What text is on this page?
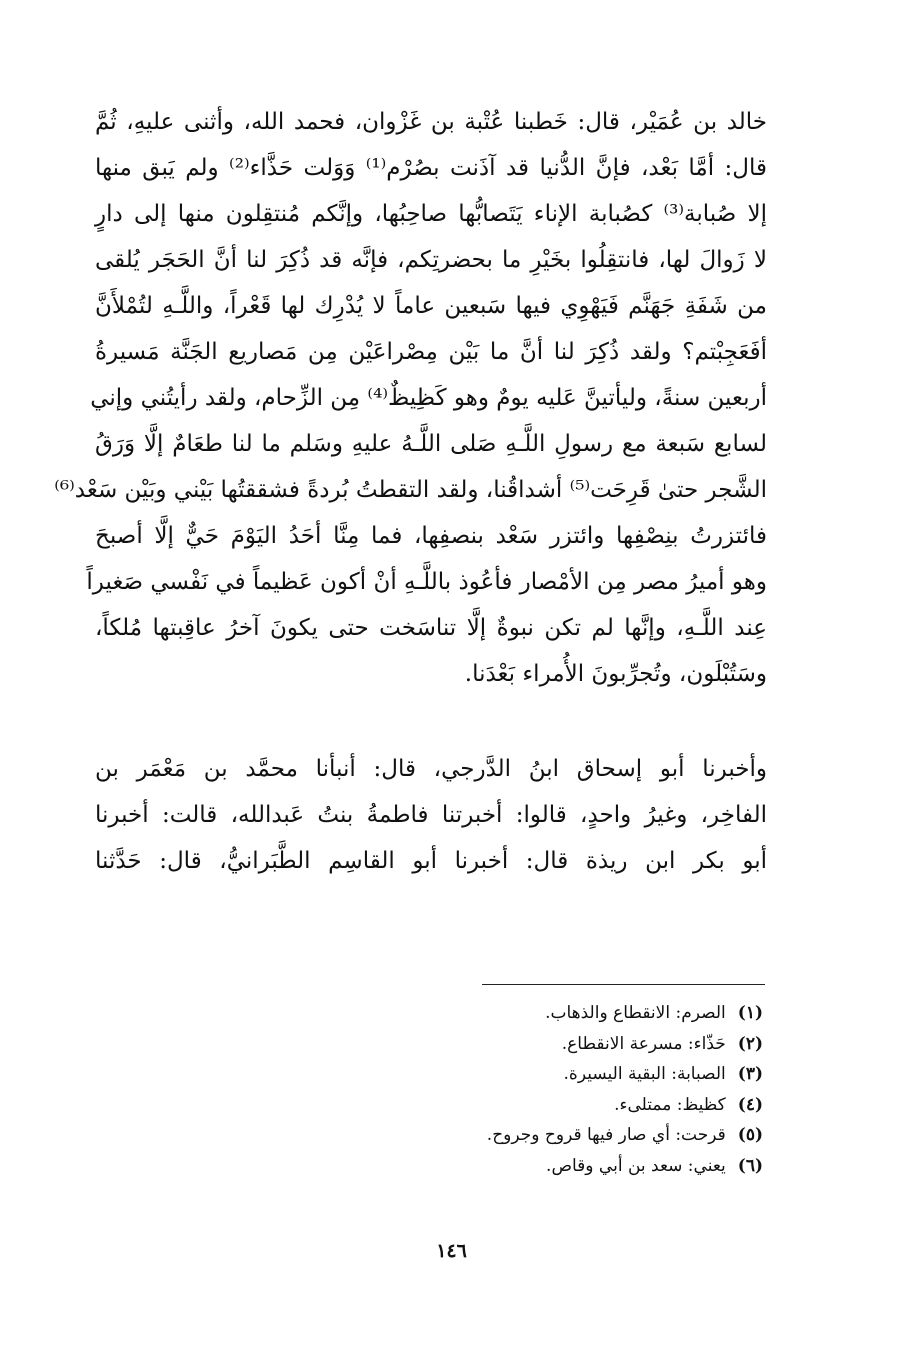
خالد بن عُمَيْر، قال: خَطبنا عُتْبة بن غَزْوان، فحمد الله، وأثنى عليهِ، ثُمَّ
قال: أمَّا بَعْد، فإنَّ الدُّنيا قد آذَنت بصُرْم⁽¹⁾ وَوَلت حَذَّاء⁽²⁾ ولم يَبق منها
إلا صُبابة⁽³⁾ كصُبابة الإناء يَتَصابُّها صاحِبُها، وإنَّكم مُنتقِلون منها إلى دارٍ
لا زَوالَ لها، فانتقِلُوا بخَيْرِ ما بحضرتِكم، فإنَّه قد ذُكِرَ لنا أنَّ الحَجَر يُلقى
من شَفَةِ جَهَنَّم فَيَهْوِي فيها سَبعين عاماً لا يُدْرِك لها قَعْراً، واللَّـهِ لتُمْلأَنَّ
أفَعَجِبْتم؟ ولقد ذُكِرَ لنا أنَّ ما بَيْن مِصْراعَيْن مِن مَصاريع الجَنَّة مَسيرةُ
أربعين سنةً، وليأتينَّ عَليه يومٌ وهو كَظِيظٌ⁽⁴⁾ مِن الزِّحام، ولقد رأيتُني وإني
لسابع سَبعة مع رسولِ اللَّـهِ صَلى اللَّـهُ عليهِ وسَلم ما لنا طعَامٌ إلَّا وَرَقُ
الشَّجر حتىٰ قَرِحَت⁽⁵⁾ أشداقُنا، ولقد التقطتُ بُردةً فشققتُها بَيْني وبَيْن سَعْد⁽⁶⁾
فائتزرتُ بنِصْفِها وائتزر سَعْد بنصفِها، فما مِنَّا أحَدُ اليَوْمَ حَيٌّ إلَّا أصبحَ
وهو أميرُ مصر مِن الأمْصار فأعُوذ باللَّـهِ أنْ أكون عَظيماً في نَفْسي صَغيراً
عِند اللَّـهِ، وإنَّها لم تكن نبوةٌ إلَّا تناسَخت حتى يكونَ آخرُ عاقِبتها مُلكاً،
وسَتُبْلَون، وتُجرِّبونَ الأُمراء بَعْدَنا.
وأخبرنا أبو إسحاق ابنُ الدَّرجي، قال: أنبأنا محمَّد بن مَعْمَر بن
الفاخِر، وغيرُ واحدٍ، قالوا: أخبرتنا فاطمةُ بنتُ عَبدالله، قالت: أخبرنا
أبو بكر ابن ريذة قال: أخبرنا أبو القاسِم الطَّبَرانيُّ، قال: حَدَّثنا
(١)الصرم: الانقطاع والذهاب.
(٢)حَذّاء: مسرعة الانقطاع.
(٣)الصبابة: البقية اليسيرة.
(٤)كظيظ: ممتلىء.
(٥)قرحت: أي صار فيها قروح وجروح.
(٦)يعني: سعد بن أبي وقاص.
١٤٦
